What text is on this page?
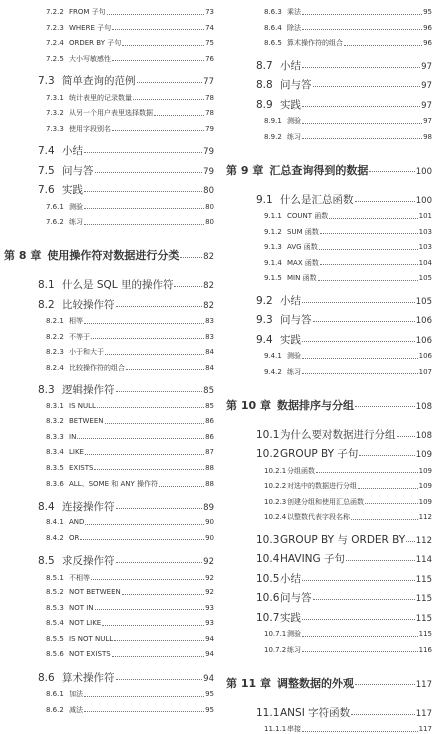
7.2.2 FROM 子句	73
7.2.3 WHERE 子句	74
7.2.4 ORDER BY 子句	75
7.2.5 大小写敏感性	76
7.3 简单查询的范例	77
7.3.1 统计表里的记录数量	78
7.3.2 从另一个用户表里选择数据	78
7.3.3 使用字段别名	79
7.4 小结	79
7.5 问与答	79
7.6 实践	80
7.6.1 测验	80
7.6.2 练习	80
第 8 章 使用操作符对数据进行分类	82
8.1 什么是 SQL 里的操作符	82
8.2 比较操作符	82
8.2.1 相等	83
8.2.2 不等于	83
8.2.3 小于和大于	84
8.2.4 比较操作符的组合	84
8.3 逻辑操作符	85
8.3.1 IS NULL	85
8.3.2 BETWEEN	86
8.3.3 IN	86
8.3.4 LIKE	87
8.3.5 EXISTS	88
8.3.6 ALL、SOME 和 ANY 操作符	88
8.4 连接操作符	89
8.4.1 AND	90
8.4.2 OR	90
8.5 求反操作符	92
8.5.1 不相等	92
8.5.2 NOT BETWEEN	92
8.5.3 NOT IN	93
8.5.4 NOT LIKE	93
8.5.5 IS NOT NULL	94
8.5.6 NOT EXISTS	94
8.6 算术操作符	94
8.6.1 加法	95
8.6.2 减法	95
8.6.3 乘法	95
8.6.4 除法	96
8.6.5 算术操作符的组合	96
8.7 小结	97
8.8 问与答	97
8.9 实践	97
8.9.1 测验	97
8.9.2 练习	98
第 9 章 汇总查询得到的数据	100
9.1 什么是汇总函数	100
9.1.1 COUNT 函数	101
9.1.2 SUM 函数	103
9.1.3 AVG 函数	103
9.1.4 MAX 函数	104
9.1.5 MIN 函数	105
9.2 小结	105
9.3 问与答	106
9.4 实践	106
9.4.1 测验	106
9.4.2 练习	107
第 10 章 数据排序与分组	108
10.1 为什么要对数据进行分组 108
10.2 GROUP BY 子句	109
10.2.1 分组函数	109
10.2.2 对选中的数据进行分组	109
10.2.3 创建分组和使用汇总函数	109
10.2.4 以整数代表字段名称	112
10.3 GROUP BY 与 ORDER BY 112
10.4 HAVING 子句	114
10.5 小结	115
10.6 问与答	115
10.7 实践	115
10.7.1 测验	115
10.7.2 练习	116
第 11 章 调整数据的外观	117
11.1 ANSI 字符函数	117
11.1.1 串接	117
